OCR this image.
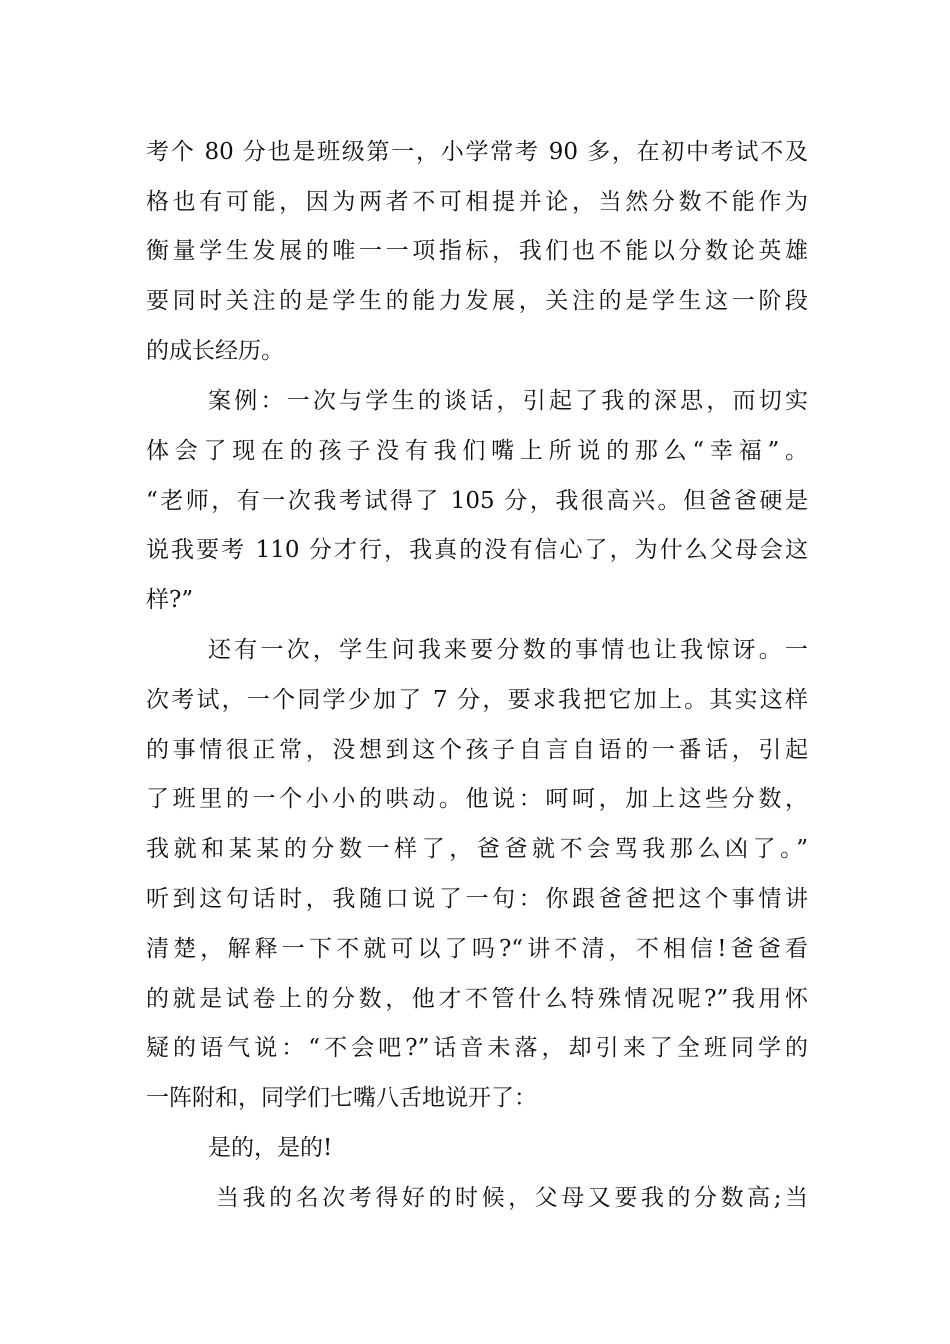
考个 80 分也是班级第一，小学常考 90 多，在初中考试不及
格也有可能，因为两者不可相提并论，当然分数不能作为
衡量学生发展的唯一一项指标，我们也不能以分数论英雄
要同时关注的是学生的能力发展，关注的是学生这一阶段
的成长经历。
案例：一次与学生的谈话，引起了我的深思，而切实
体会了现在的孩子没有我们嘴上所说的那么“幸福”。
“老师，有一次我考试得了 105 分，我很高兴。但爸爸硬是
说我要考 110 分才行，我真的没有信心了，为什么父母会这
样?”
还有一次，学生问我来要分数的事情也让我惊讶。一
次考试，一个同学少加了 7 分，要求我把它加上。其实这样
的事情很正常，没想到这个孩子自言自语的一番话，引起
了班里的一个小小的哄动。他说：呵呵，加上这些分数，
我就和某某的分数一样了，爸爸就不会骂我那么凶了。”
听到这句话时，我随口说了一句：你跟爸爸把这个事情讲
清楚，解释一下不就可以了吗?“讲不清，不相信!爸爸看
的就是试卷上的分数，他才不管什么特殊情况呢?”我用怀
疑的语气说：“不会吧?”话音未落，却引来了全班同学的
一阵附和，同学们七嘴八舌地说开了：
是的，是的!
当我的名次考得好的时候，父母又要我的分数高;当
